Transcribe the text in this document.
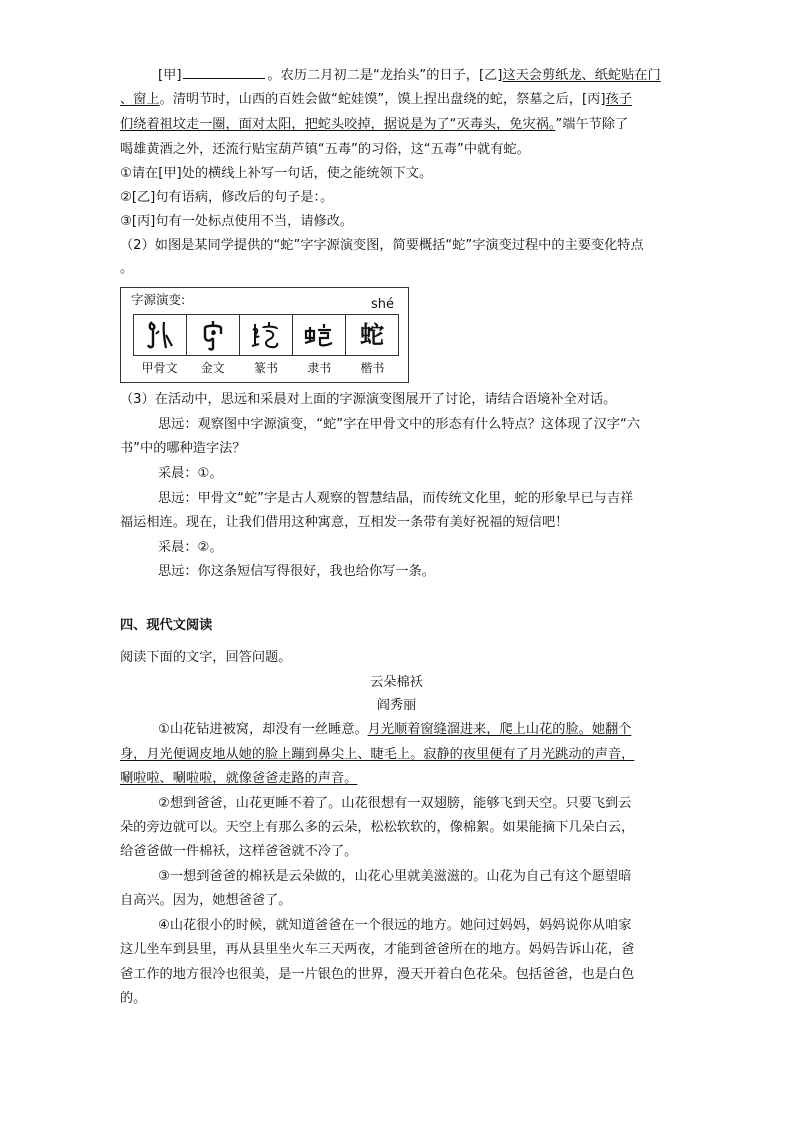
[甲]	。农历二月初二是“龙抬头”的日子，[乙]这天会剪纸龙、纸蛇贴在门
、窗上。清明节时，山西的百姓会做“蛇娃馍”，馍上捏出盘绕的蛇，祭墓之后，[丙]孩子
们绕着祖坟走一圈，面对太阳，把蛇头咬掉，据说是为了“灭毒头，免灾祸。”端午节除了
喝雄黄酒之外，还流行贴宝葫芦镇“五毒”的习俗，这“五毒”中就有蛇。
①请在[甲]处的横线上补写一句话，使之能统领下文。
②[乙]句有语病，修改后的句子是：。
③[丙]句有一处标点使用不当，请修改。
（2）如图是某同学提供的“蛇”字字源演变图，简要概括“蛇”字演变过程中的主要变化特点
。
字源演变:	shé
蛇
甲骨文	金文	篆书	隶书	楷书
（3）在活动中，思远和采晨对上面的字源演变图展开了讨论，请结合语境补全对话。
思远：观察图中字源演变，“蛇”字在甲骨文中的形态有什么特点？这体现了汉字“六
书”中的哪种造字法？
采晨：①。
思远：甲骨文“蛇”字是古人观察的智慧结晶，而传统文化里，蛇的形象早已与吉祥
福运相连。现在，让我们借用这种寓意，互相发一条带有美好祝福的短信吧！
采晨：②。
思远：你这条短信写得很好，我也给你写一条。
四、现代文阅读
阅读下面的文字，回答问题。
云朵棉袄
阎秀丽
①山花钻进被窝，却没有一丝睡意。月光顺着窗缝溜进来，爬上山花的脸。她翻个
身，月光便调皮地从她的脸上蹦到鼻尖上、睫毛上。寂静的夜里便有了月光跳动的声音，
唰啦啦、唰啦啦，就像爸爸走路的声音。
②想到爸爸，山花更睡不着了。山花很想有一双翅膀，能够飞到天空。只要飞到云
朵的旁边就可以。天空上有那么多的云朵，松松软软的，像棉絮。如果能摘下几朵白云，
给爸爸做一件棉袄，这样爸爸就不冷了。
③一想到爸爸的棉袄是云朵做的，山花心里就美滋滋的。山花为自己有这个愿望暗
自高兴。因为，她想爸爸了。
④山花很小的时候，就知道爸爸在一个很远的地方。她问过妈妈，妈妈说你从咱家
这儿坐车到县里，再从县里坐火车三天两夜，才能到爸爸所在的地方。妈妈告诉山花，爸
爸工作的地方很冷也很美，是一片银色的世界，漫天开着白色花朵。包括爸爸，也是白色
的。
